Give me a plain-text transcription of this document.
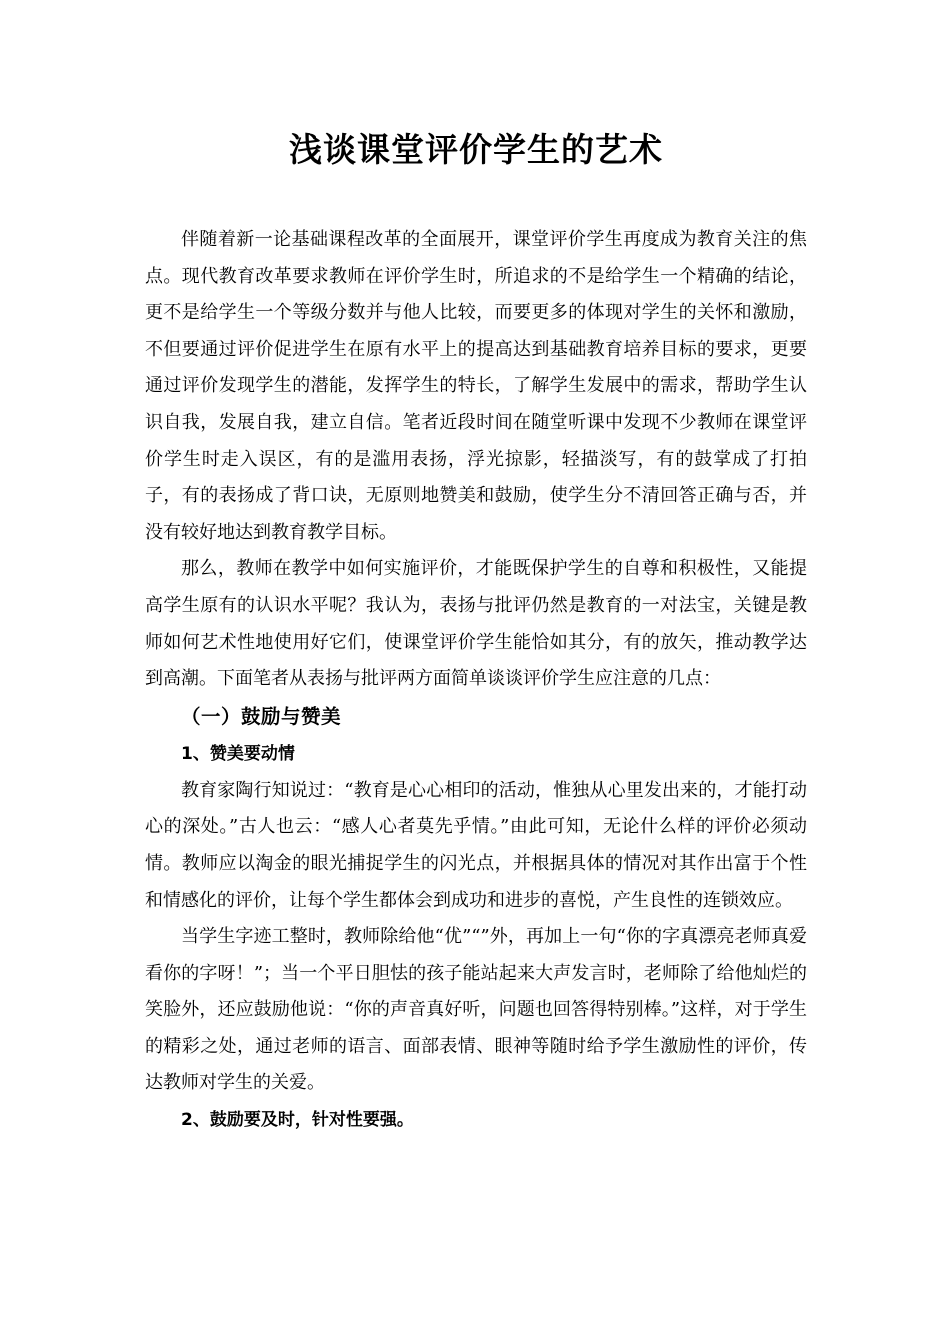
浅谈课堂评价学生的艺术

伴随着新一论基础课程改革的全面展开，课堂评价学生再度成为教育关注的焦点。现代教育改革要求教师在评价学生时，所追求的不是给学生一个精确的结论，更不是给学生一个等级分数并与他人比较，而要更多的体现对学生的关怀和激励，不但要通过评价促进学生在原有水平上的提高达到基础教育培养目标的要求，更要通过评价发现学生的潜能，发挥学生的特长，了解学生发展中的需求，帮助学生认识自我，发展自我，建立自信。笔者近段时间在随堂听课中发现不少教师在课堂评价学生时走入误区，有的是滥用表扬，浮光掠影，轻描淡写，有的鼓掌成了打拍子，有的表扬成了背口诀，无原则地赞美和鼓励，使学生分不清回答正确与否，并没有较好地达到教育教学目标。

那么，教师在教学中如何实施评价，才能既保护学生的自尊和积极性，又能提高学生原有的认识水平呢？我认为，表扬与批评仍然是教育的一对法宝，关键是教师如何艺术性地使用好它们，使课堂评价学生能恰如其分，有的放矢，推动教学达到高潮。下面笔者从表扬与批评两方面简单谈谈评价学生应注意的几点：

（一）鼓励与赞美
1、赞美要动情

教育家陶行知说过：“教育是心心相印的活动，惟独从心里发出来的，才能打动心的深处。”古人也云：“感人心者莫先乎情。”由此可知，无论什么样的评价必须动情。教师应以淘金的眼光捕捉学生的闪光点，并根据具体的情况对其作出富于个性和情感化的评价，让每个学生都体会到成功和进步的喜悦，产生良性的连锁效应。

当学生字迹工整时，教师除给他“优”“”外，再加上一句“你的字真漂亮老师真爱看你的字呀！”；当一个平日胆怯的孩子能站起来大声发言时，老师除了给他灿烂的笑脸外，还应鼓励他说：“你的声音真好听，问题也回答得特别棒。”这样，对于学生的精彩之处，通过老师的语言、面部表情、眼神等随时给予学生激励性的评价，传达教师对学生的关爱。

2、鼓励要及时，针对性要强。
